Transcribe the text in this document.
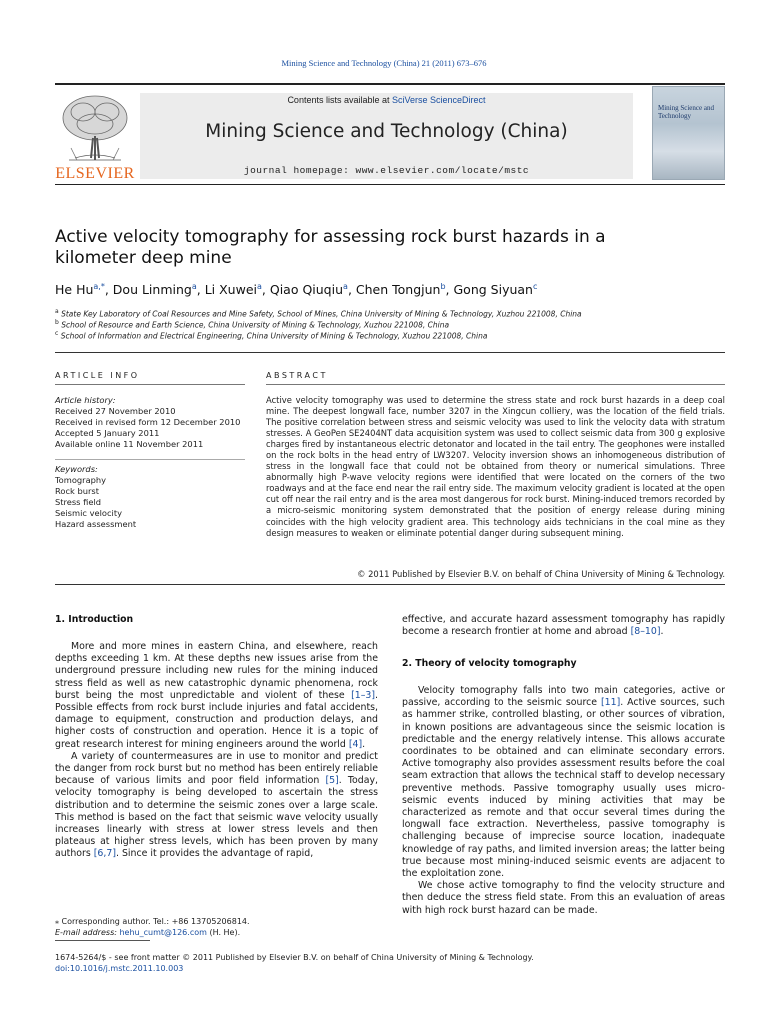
Mining Science and Technology (China) 21 (2011) 673–676
ELSEVIER
Contents lists available at SciVerse ScienceDirect
Mining Science and Technology (China)
journal homepage: www.elsevier.com/locate/mstc
Mining Science and Technology
Active velocity tomography for assessing rock burst hazards in a kilometer deep mine
He $Hu^{a,*}$, Dou Linming$^a$, Li Xuwei$^a$, Qiao Qiuqiu$^a$, Chen Tongjun$^b$, Gong Siyuan$^c$
$^a$ State Key Laboratory of Coal Resources and Mine Safety, School of Mines, China University of Mining & Technology, Xuzhou 221008, China
$^b$ School of Resource and Earth Science, China University of Mining & Technology, Xuzhou 221008, China
$^c$ School of Information and Electrical Engineering, China University of Mining & Technology, Xuzhou 221008, China
ARTICLE INFO
Article history:
Received 27 November 2010
Received in revised form 12 December 2010
Accepted 5 January 2011
Available online 11 November 2011
Keywords:
Tomography
Rock burst
Stress field
Seismic velocity
Hazard assessment
ABSTRACT
Active velocity tomography was used to determine the stress state and rock burst hazards in a deep coal mine. The deepest longwall face, number 3207 in the Xingcun colliery, was the location of the field trials. The positive correlation between stress and seismic velocity was used to link the velocity data with stratum stresses. A GeoPen SE2404NT data acquisition system was used to collect seismic data from 300 g explosive charges fired by instantaneous electric detonator and located in the tail entry. The geophones were installed on the rock bolts in the head entry of LW3207. Velocity inversion shows an inhomogeneous distribution of stress in the longwall face that could not be obtained from theory or numerical simulations. Three abnormally high P-wave velocity regions were identified that were located on the corners of the two roadways and at the face end near the rail entry side. The maximum velocity gradient is located at the open cut off near the rail entry and is the area most dangerous for rock burst. Mining-induced tremors recorded by a micro-seismic monitoring system demonstrated that the position of energy release during mining coincides with the high velocity gradient area. This technology aids technicians in the coal mine as they design measures to weaken or eliminate potential danger during subsequent mining.
© 2011 Published by Elsevier B.V. on behalf of China University of Mining & Technology.
1. Introduction

More and more mines in eastern China, and elsewhere, reach depths exceeding 1 km. At these depths new issues arise from the underground pressure including new rules for the mining induced stress field as well as new catastrophic dynamic phenomena, rock burst being the most unpredictable and violent of these [1–3]. Possible effects from rock burst include injuries and fatal accidents, damage to equipment, construction and production delays, and higher costs of construction and operation. Hence it is a topic of great research interest for mining engineers around the world [4].

A variety of countermeasures are in use to monitor and predict the danger from rock burst but no method has been entirely reliable because of various limits and poor field information [5]. Today, velocity tomography is being developed to ascertain the stress distribution and to determine the seismic zones over a large scale. This method is based on the fact that seismic wave velocity usually increases linearly with stress at lower stress levels and then plateaus at higher stress levels, which has been proven by many authors [6,7]. Since it provides the advantage of rapid,

effective, and accurate hazard assessment tomography has rapidly become a research frontier at home and abroad [8–10].
2. Theory of velocity tomography

Velocity tomography falls into two main categories, active or passive, according to the seismic source [11]. Active sources, such as hammer strike, controlled blasting, or other sources of vibration, in known positions are advantageous since the seismic location is predictable and the energy relatively intense. This allows accurate coordinates to be obtained and can eliminate secondary errors. Active tomography also provides assessment results before the coal seam extraction that allows the technical staff to develop necessary preventive methods. Passive tomography usually uses micro-seismic events induced by mining activities that may be characterized as remote and that occur several times during the longwall face extraction. Nevertheless, passive tomography is challenging because of imprecise source location, inadequate knowledge of ray paths, and limited inversion areas; the latter being true because most mining-induced seismic events are adjacent to the exploitation zone.

We chose active tomography to find the velocity structure and then deduce the stress field state. From this an evaluation of areas with high rock burst hazard can be made.

⁎ Corresponding author. Tel.: +86 13705206814.
E-mail address: hehu_cumt@126.com (H. He).
1674-5264/$ - see front matter © 2011 Published by Elsevier B.V. on behalf of China University of Mining & Technology.
doi:10.1016/j.mstc.2011.10.003
